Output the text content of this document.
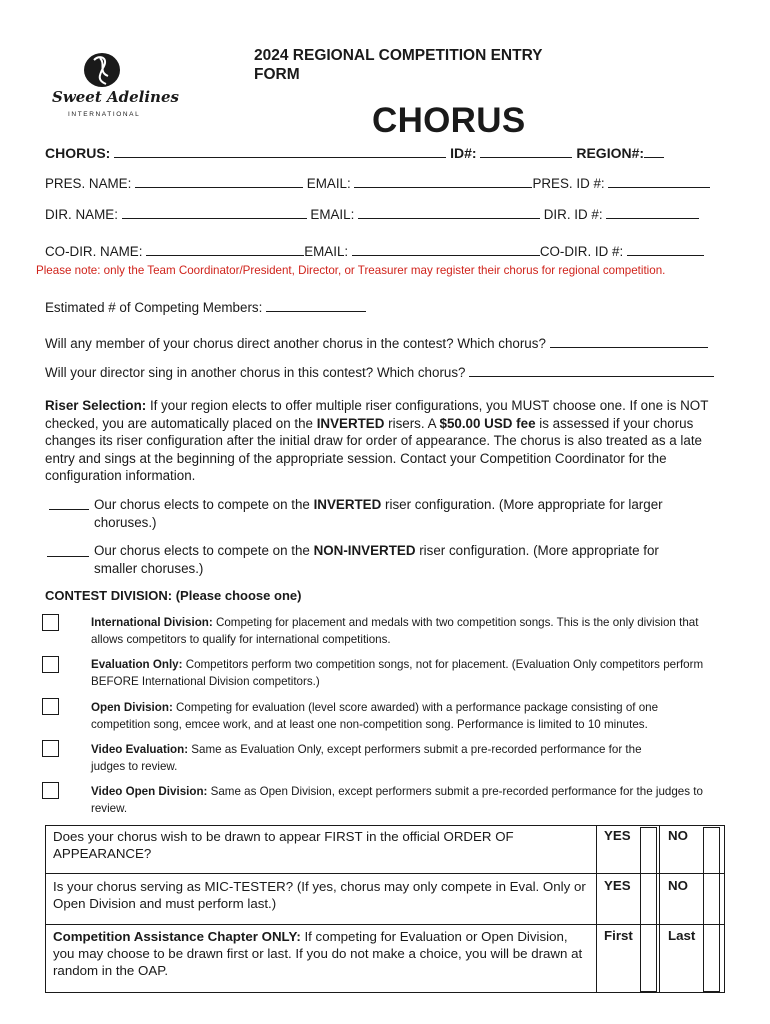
Sweet Adelines
INTERNATIONAL
2024 REGIONAL COMPETITION ENTRY FORM
CHORUS
CHORUS:	ID#:	REGION#:
PRES. NAME:	EMAIL:	PRES. ID #:
DIR. NAME:	EMAIL:	DIR. ID #:
CO-DIR. NAME:	EMAIL:	CO-DIR. ID #:
Please note: only the Team Coordinator/President, Director, or Treasurer may register their chorus for regional competition.
Estimated # of Competing Members:
Will any member of your chorus direct another chorus in the contest? Which chorus?
Will your director sing in another chorus in this contest? Which chorus?
Riser Selection: If your region elects to offer multiple riser configurations, you MUST choose one. If one is NOT checked, you are automatically placed on the INVERTED risers. A $50.00 USD fee is assessed if your chorus changes its riser configuration after the initial draw for order of appearance. The chorus is also treated as a late entry and sings at the beginning of the appropriate session. Contact your Competition Coordinator for the configuration information.
Our chorus elects to compete on the INVERTED riser configuration. (More appropriate for larger choruses.)
Our chorus elects to compete on the NON-INVERTED riser configuration. (More appropriate for smaller choruses.)
CONTEST DIVISION: (Please choose one)
International Division: Competing for placement and medals with two competition songs. This is the only division that allows competitors to qualify for international competitions.
Evaluation Only: Competitors perform two competition songs, not for placement. (Evaluation Only competitors perform BEFORE International Division competitors.)
Open Division: Competing for evaluation (level score awarded) with a performance package consisting of one competition song, emcee work, and at least one non-competition song. Performance is limited to 10 minutes.
Video Evaluation: Same as Evaluation Only, except performers submit a pre-recorded performance for the judges to review.
Video Open Division: Same as Open Division, except performers submit a pre-recorded performance for the judges to review.
Does your chorus wish to be drawn to appear FIRST in the official ORDER OF APPEARANCE?
YES	NO
Is your chorus serving as MIC-TESTER? (If yes, chorus may only compete in Eval. Only or Open Division and must perform last.)
YES	NO
Competition Assistance Chapter ONLY: If competing for Evaluation or Open Division, you may choose to be drawn first or last. If you do not make a choice, you will be drawn at random in the OAP.
First	Last
